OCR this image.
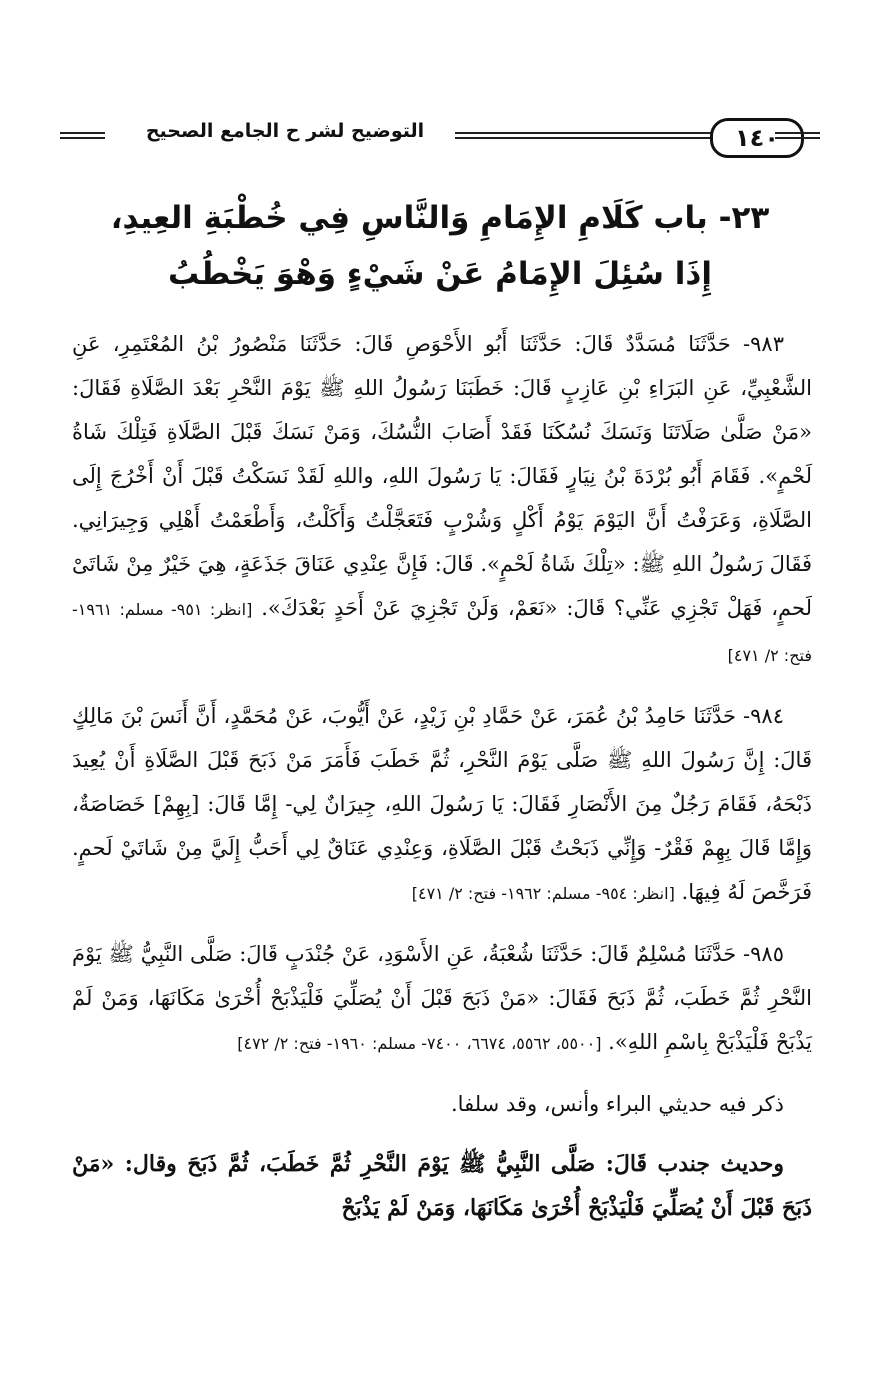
التوضيح لشر ح الجامع الصحيح	١٤٠
٢٣- باب كَلَامِ الإِمَامِ وَالنَّاسِ فِي خُطْبَةِ العِيدِ،
إِذَا سُئِلَ الإِمَامُ عَنْ شَيْءٍ وَهْوَ يَخْطُبُ

٩٨٣- حَدَّثَنَا مُسَدَّدٌ قَالَ: حَدَّثَنَا أَبُو الأَحْوَصِ قَالَ: حَدَّثَنَا مَنْصُورُ بْنُ المُعْتَمِرِ، عَنِ الشَّعْبِيِّ، عَنِ البَرَاءِ بْنِ عَازِبٍ قَالَ: خَطَبَنَا رَسُولُ اللهِ ﷺ يَوْمَ النَّحْرِ بَعْدَ الصَّلَاةِ فَقَالَ: «مَنْ صَلَّىٰ صَلَاتَنَا وَنَسَكَ نُسُكَنَا فَقَدْ أَصَابَ النُّسُكَ، وَمَنْ نَسَكَ قَبْلَ الصَّلَاةِ فَتِلْكَ شَاةُ لَحْمٍ». فَقَامَ أَبُو بُرْدَةَ بْنُ نِيَارٍ فَقَالَ: يَا رَسُولَ اللهِ، واللهِ لَقَدْ نَسَكْتُ قَبْلَ أَنْ أَخْرُجَ إِلَى الصَّلَاةِ، وَعَرَفْتُ أَنَّ اليَوْمَ يَوْمُ أَكْلٍ وَشُرْبٍ فَتَعَجَّلْتُ وَأَكَلْتُ، وَأَطْعَمْتُ أَهْلِي وَجِيرَانِي. فَقَالَ رَسُولُ اللهِ ﷺ: «تِلْكَ شَاةُ لَحْمٍ». قَالَ: فَإِنَّ عِنْدِي عَنَاقَ جَذَعَةٍ، هِيَ خَيْرٌ مِنْ شَاتَىْ لَحمٍ، فَهَلْ تَجْزِي عَنِّي؟ قَالَ: «نَعَمْ، وَلَنْ تَجْزِيَ عَنْ أَحَدٍ بَعْدَكَ». [انظر: ٩٥١- مسلم: ١٩٦١- فتح: ٢/ ٤٧١]

٩٨٤- حَدَّثَنَا حَامِدُ بْنُ عُمَرَ، عَنْ حَمَّادِ بْنِ زَيْدٍ، عَنْ أَيُّوبَ، عَنْ مُحَمَّدٍ، أَنَّ أَنَسَ بْنَ مَالِكٍ قَالَ: إِنَّ رَسُولَ اللهِ ﷺ صَلَّى يَوْمَ النَّحْرِ، ثُمَّ خَطَبَ فَأَمَرَ مَنْ ذَبَحَ قَبْلَ الصَّلَاةِ أَنْ يُعِيدَ ذَبْحَهُ، فَقَامَ رَجُلٌ مِنَ الأَنْصَارِ فَقَالَ: يَا رَسُولَ اللهِ، جِيرَانٌ لِي- إِمَّا قَالَ: [بِهِمْ] خَصَاصَةٌ، وَإِمَّا قَالَ بِهِمْ فَقْرٌ- وَإِنِّي ذَبَحْتُ قَبْلَ الصَّلَاةِ، وَعِنْدِي عَنَاقٌ لِي أَحَبُّ إِلَيَّ مِنْ شَاتَيْ لَحمٍ. فَرَخَّصَ لَهُ فِيهَا. [انظر: ٩٥٤- مسلم: ١٩٦٢- فتح: ٢/ ٤٧١]

٩٨٥- حَدَّثَنَا مُسْلِمٌ قَالَ: حَدَّثَنَا شُعْبَةُ، عَنِ الأَسْوَدِ، عَنْ جُنْدَبٍ قَالَ: صَلَّى النَّبِيُّ ﷺ يَوْمَ النَّحْرِ ثُمَّ خَطَبَ، ثُمَّ ذَبَحَ فَقَالَ: «مَنْ ذَبَحَ قَبْلَ أَنْ يُصَلِّيَ فَلْيَذْبَحْ أُخْرَىٰ مَكَانَهَا، وَمَنْ لَمْ يَذْبَحْ فَلْيَذْبَحْ بِاسْمِ اللهِ». [٥٥٠٠، ٥٥٦٢، ٦٦٧٤، ٧٤٠٠- مسلم: ١٩٦٠- فتح: ٢/ ٤٧٢]

ذكر فيه حديثي البراء وأنس، وقد سلفا.

وحديث جندب قَالَ: صَلَّى النَّبِيُّ ﷺ يَوْمَ النَّحْرِ ثُمَّ خَطَبَ، ثُمَّ ذَبَحَ وقال: «مَنْ ذَبَحَ قَبْلَ أَنْ يُصَلِّيَ فَلْيَذْبَحْ أُخْرَىٰ مَكَانَهَا، وَمَنْ لَمْ يَذْبَحْ
